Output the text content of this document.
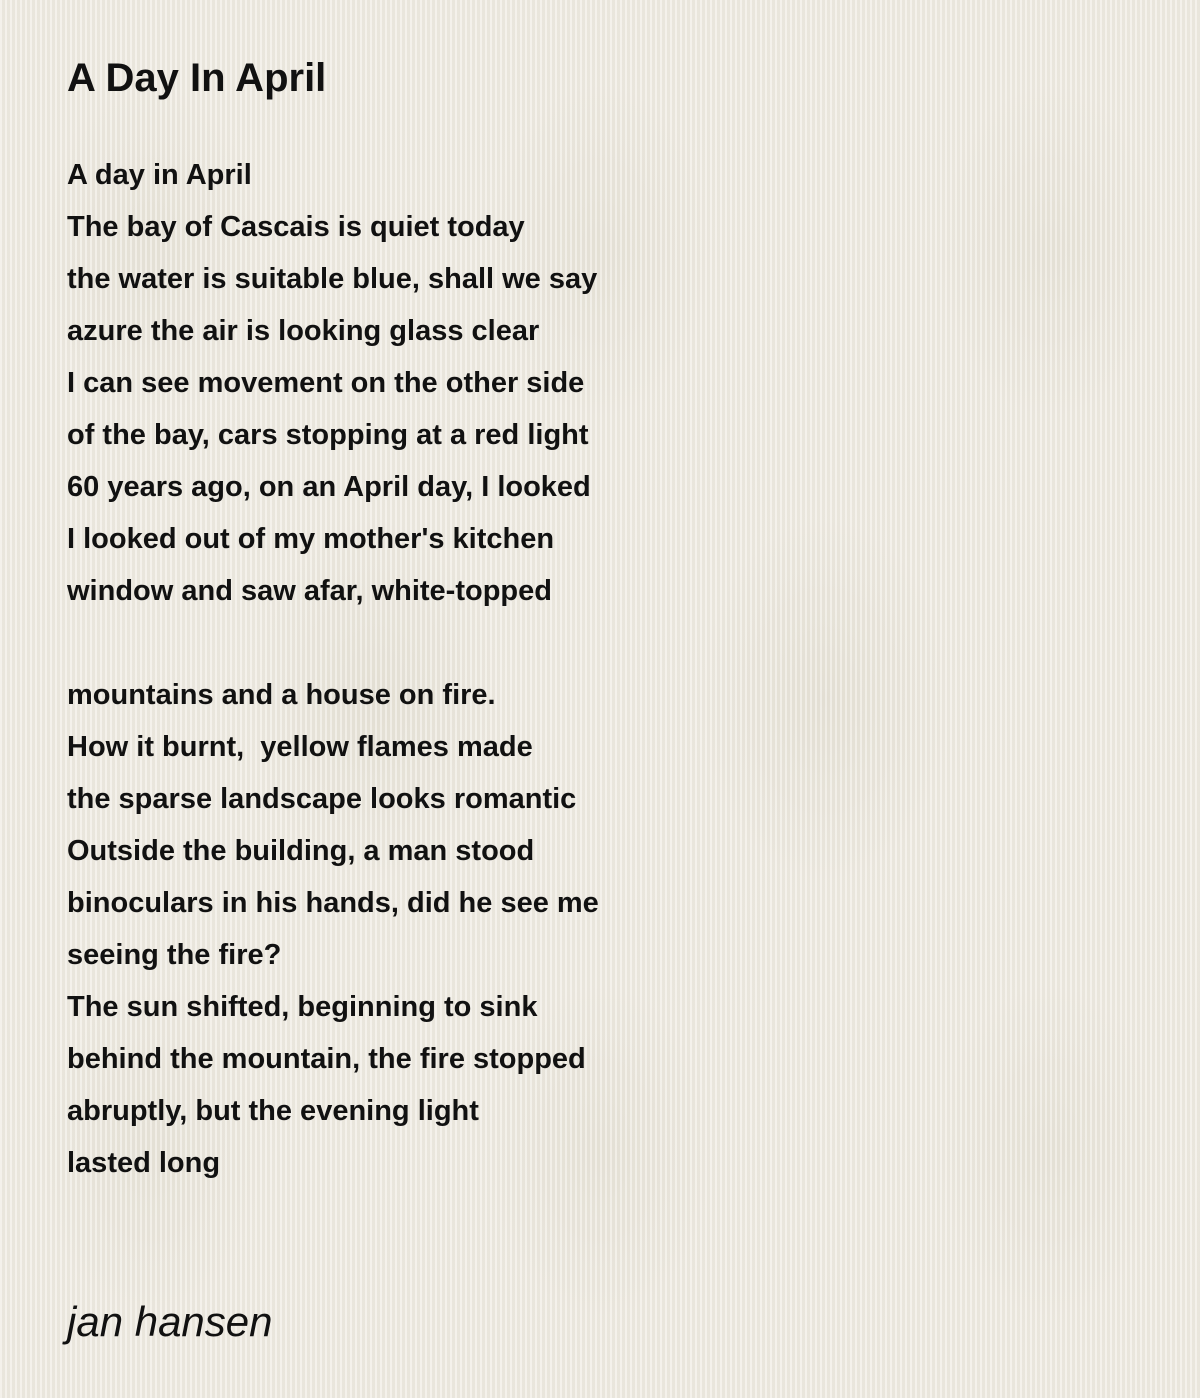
A Day In April
A day in April
The bay of Cascais is quiet today
the water is suitable blue, shall we say
azure the air is looking glass clear
I can see movement on the other side
of the bay, cars stopping at a red light
60 years ago, on an April day, I looked
I looked out of my mother's kitchen
window and saw afar, white-topped
mountains and a house on fire.
How it burnt,  yellow flames made
the sparse landscape looks romantic
Outside the building, a man stood
binoculars in his hands, did he see me
seeing the fire?
The sun shifted, beginning to sink
behind the mountain, the fire stopped
abruptly, but the evening light
lasted long
jan hansen
